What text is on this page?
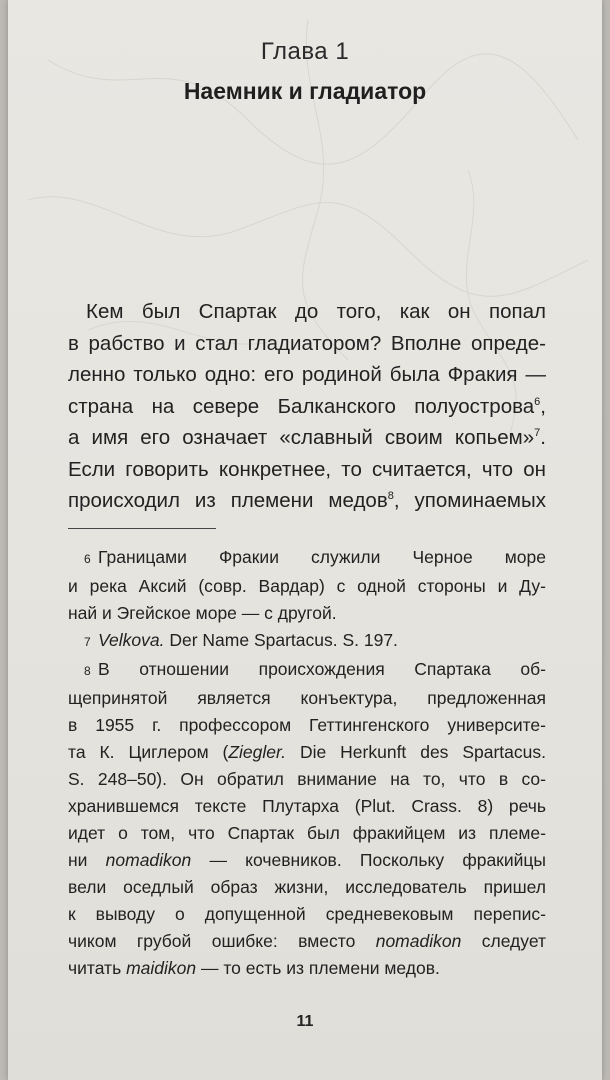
Глава 1
Наемник и гладиатор
Кем был Спартак до того, как он попал
в рабство и стал гладиатором? Вполне опреде-
ленно только одно: его родиной была Фракия —
страна на севере Балканского полуострова$^6$,
а имя его означает «славный своим копьем»$^7$.
Если говорить конкретнее, то считается, что он
происходил из племени медов$^8$, упоминаемых
6 Границами Фракии служили Черное море
и река Аксий (совр. Вардар) с одной стороны и Ду-
най и Эгейское море — с другой.
7 Velkova. Der Name Spartacus. S. 197.
8 В отношении происхождения Спартака об-
щепринятой является конъектура, предложенная
в 1955 г. профессором Геттингенского университе-
та К. Циглером (Ziegler. Die Herkunft des Spartacus.
S. 248–50). Он обратил внимание на то, что в со-
хранившемся тексте Плутарха (Plut. Crass. 8) речь
идет о том, что Спартак был фракийцем из племе-
ни nomadikon — кочевников. Поскольку фракийцы
вели оседлый образ жизни, исследователь пришел
к выводу о допущенной средневековым перепис-
чиком грубой ошибке: вместо nomadikon следует
читать maidikon — то есть из племени медов.
11
